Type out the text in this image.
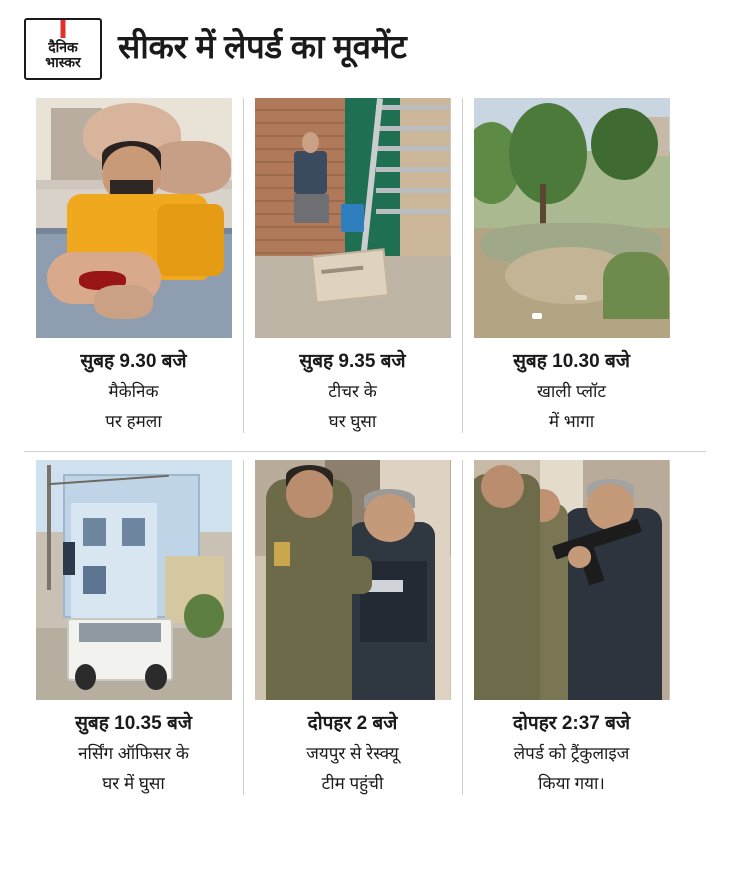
दैनिक
भास्कर सीकर में लेपर्ड का मूवमेंट
सुबह 9.30 बजे
मैकेनिक
पर हमला
सुबह 9.35 बजे
टीचर के
घर घुसा
सुबह 10.30 बजे
खाली प्लॉट
में भागा
सुबह 10.35 बजे
नर्सिंग ऑफिसर के
घर में घुसा
दोपहर 2 बजे
जयपुर से रेस्क्यू
टीम पहुंची
दोपहर 2:37 बजे
लेपर्ड को ट्रैंकुलाइज
किया गया।
